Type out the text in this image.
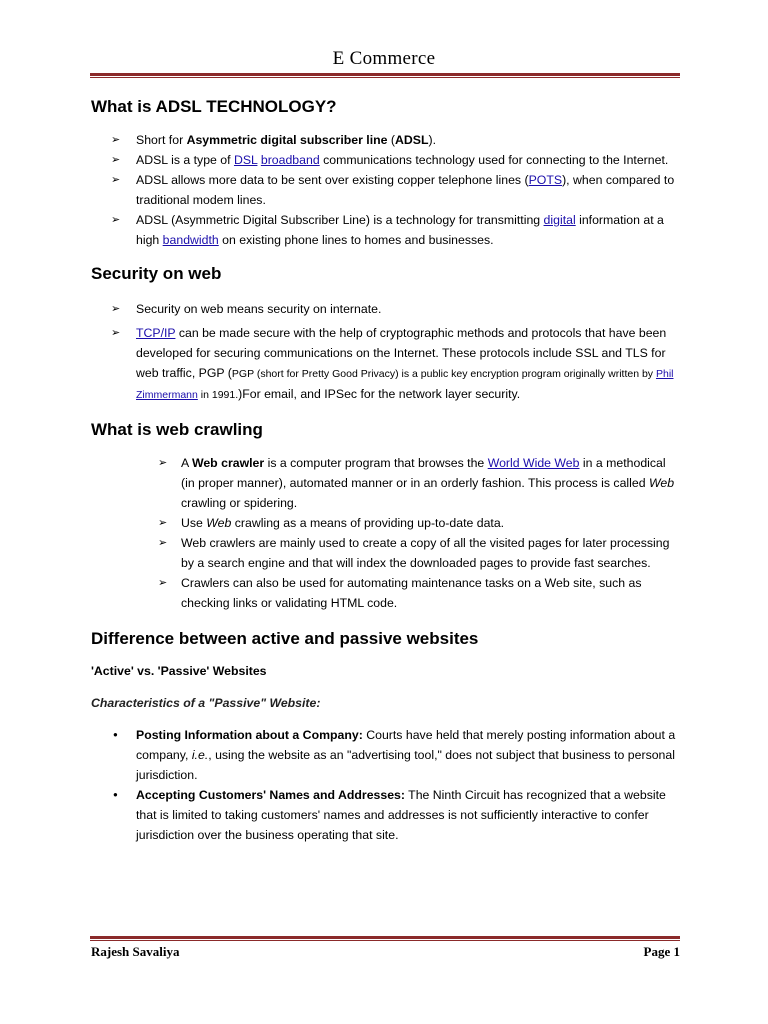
E Commerce
What is ADSL TECHNOLOGY?
➢ Short for Asymmetric digital subscriber line (ADSL).
➢ ADSL is a type of DSL broadband communications technology used for connecting to the Internet.
➢ ADSL allows more data to be sent over existing copper telephone lines (POTS), when compared to traditional modem lines.
➢ ADSL (Asymmetric Digital Subscriber Line) is a technology for transmitting digital information at a high bandwidth on existing phone lines to homes and businesses.
Security on web
➢ Security on web means security on internate.
➢ TCP/IP can be made secure with the help of cryptographic methods and protocols that have been developed for securing communications on the Internet. These protocols include SSL and TLS for web traffic, PGP (PGP (short for Pretty Good Privacy) is a public key encryption program originally written by Phil Zimmermann in 1991.)For email, and IPSec for the network layer security.
What is web crawling
➢ A Web crawler is a computer program that browses the World Wide Web in a methodical (in proper manner), automated manner or in an orderly fashion. This process is called Web crawling or spidering.
➢ Use Web crawling as a means of providing up-to-date data.
➢ Web crawlers are mainly used to create a copy of all the visited pages for later processing by a search engine and that will index the downloaded pages to provide fast searches.
➢ Crawlers can also be used for automating maintenance tasks on a Web site, such as checking links or validating HTML code.
Difference between active and passive websites
'Active' vs. 'Passive' Websites
Characteristics of a "Passive" Website:
● Posting Information about a Company: Courts have held that merely posting information about a company, i.e., using the website as an "advertising tool," does not subject that business to personal jurisdiction.
● Accepting Customers' Names and Addresses: The Ninth Circuit has recognized that a website that is limited to taking customers' names and addresses is not sufficiently interactive to confer jurisdiction over the business operating that site.
Rajesh Savaliya	Page 1
